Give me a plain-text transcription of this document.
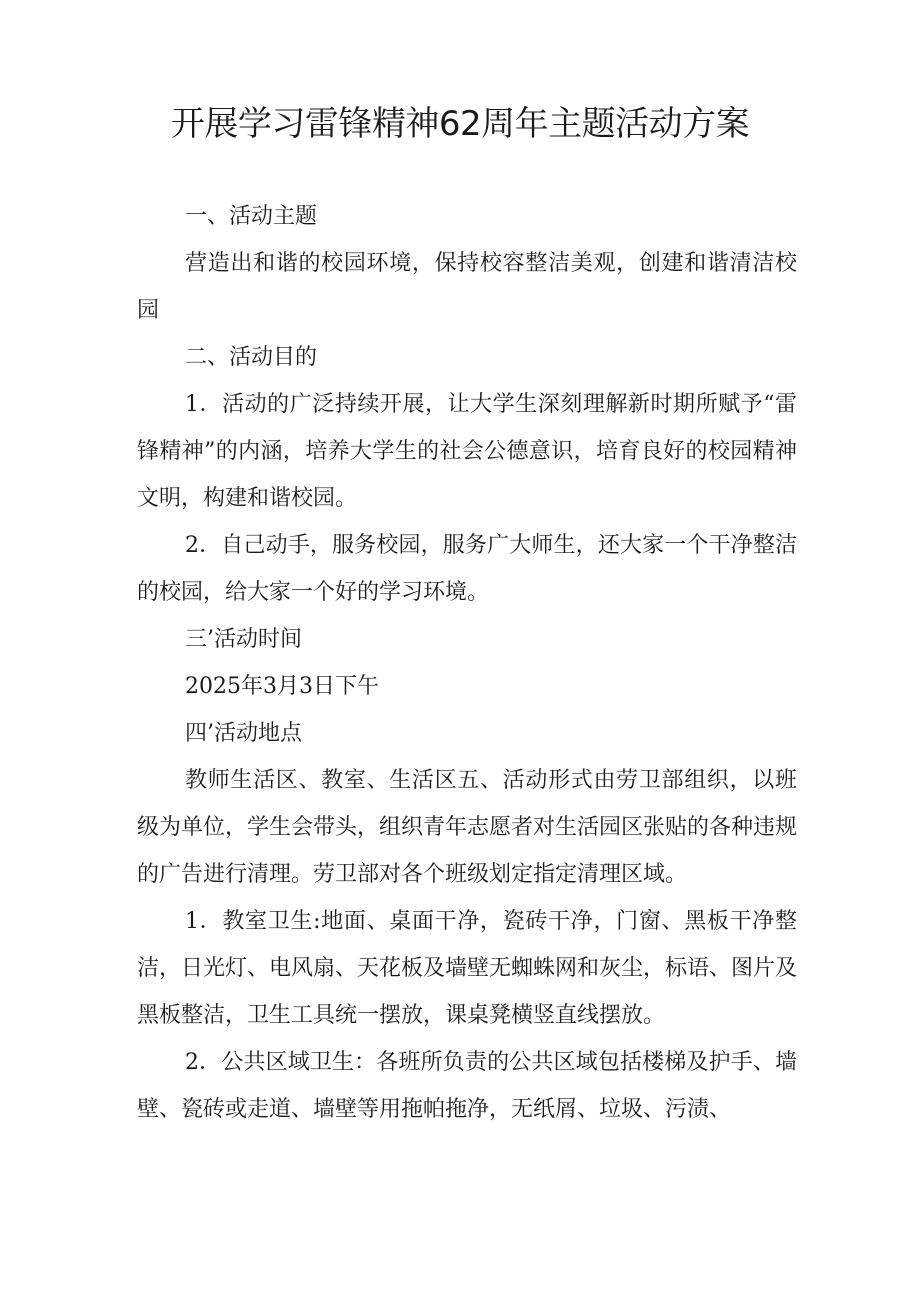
开展学习雷锋精神62周年主题活动方案

一、活动主题

营造出和谐的校园环境，保持校容整洁美观，创建和谐清洁校园

二、活动目的

1．活动的广泛持续开展，让大学生深刻理解新时期所赋予“雷锋精神”的内涵，培养大学生的社会公德意识，培育良好的校园精神文明，构建和谐校园。

2．自己动手，服务校园，服务广大师生，还大家一个干净整洁的校园，给大家一个好的学习环境。

三’活动时间

2025年3月3日下午

四’活动地点

教师生活区、教室、生活区五、活动形式由劳卫部组织，以班级为单位，学生会带头，组织青年志愿者对生活园区张贴的各种违规的广告进行清理。劳卫部对各个班级划定指定清理区域。

1．教室卫生:地面、桌面干净，瓷砖干净，门窗、黑板干净整洁，日光灯、电风扇、天花板及墙壁无蜘蛛网和灰尘，标语、图片及黑板整洁，卫生工具统一摆放，课桌凳横竖直线摆放。

2．公共区域卫生：各班所负责的公共区域包括楼梯及护手、墙壁、瓷砖或走道、墙壁等用拖帕拖净，无纸屑、垃圾、污渍、
